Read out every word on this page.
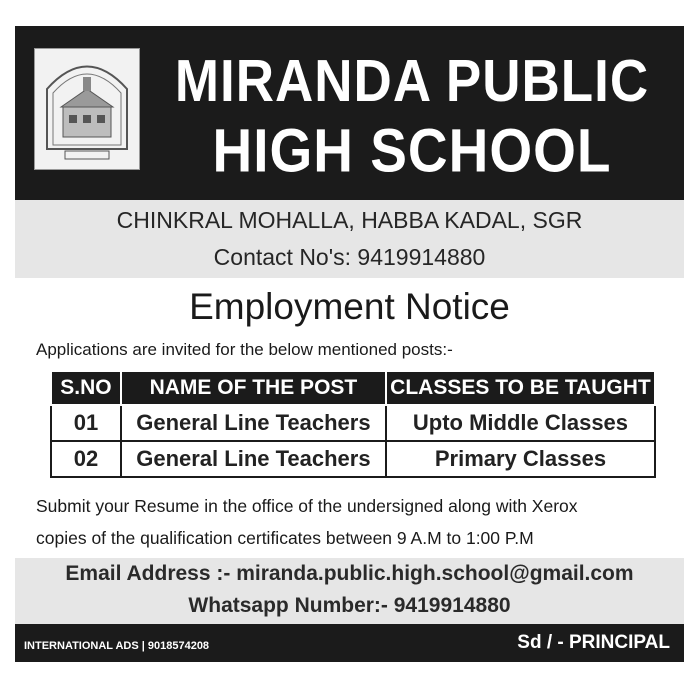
MIRANDA PUBLIC
HIGH SCHOOL
CHINKRAL MOHALLA, HABBA KADAL, SGR
Contact No's: 9419914880
Employment Notice
Applications are invited for the below mentioned posts:-
S.NO	NAME OF THE POST	CLASSES TO BE TAUGHT
01	General Line Teachers	Upto Middle Classes
02	General Line Teachers	Primary Classes
Submit your Resume in the office of the undersigned along with Xerox
copies of the qualification certificates between 9 A.M to 1:00 P.M
Email Address :- miranda.public.high.school@gmail.com
Whatsapp Number:- 9419914880
INTERNATIONAL ADS | 9018574208	Sd / - PRINCIPAL
